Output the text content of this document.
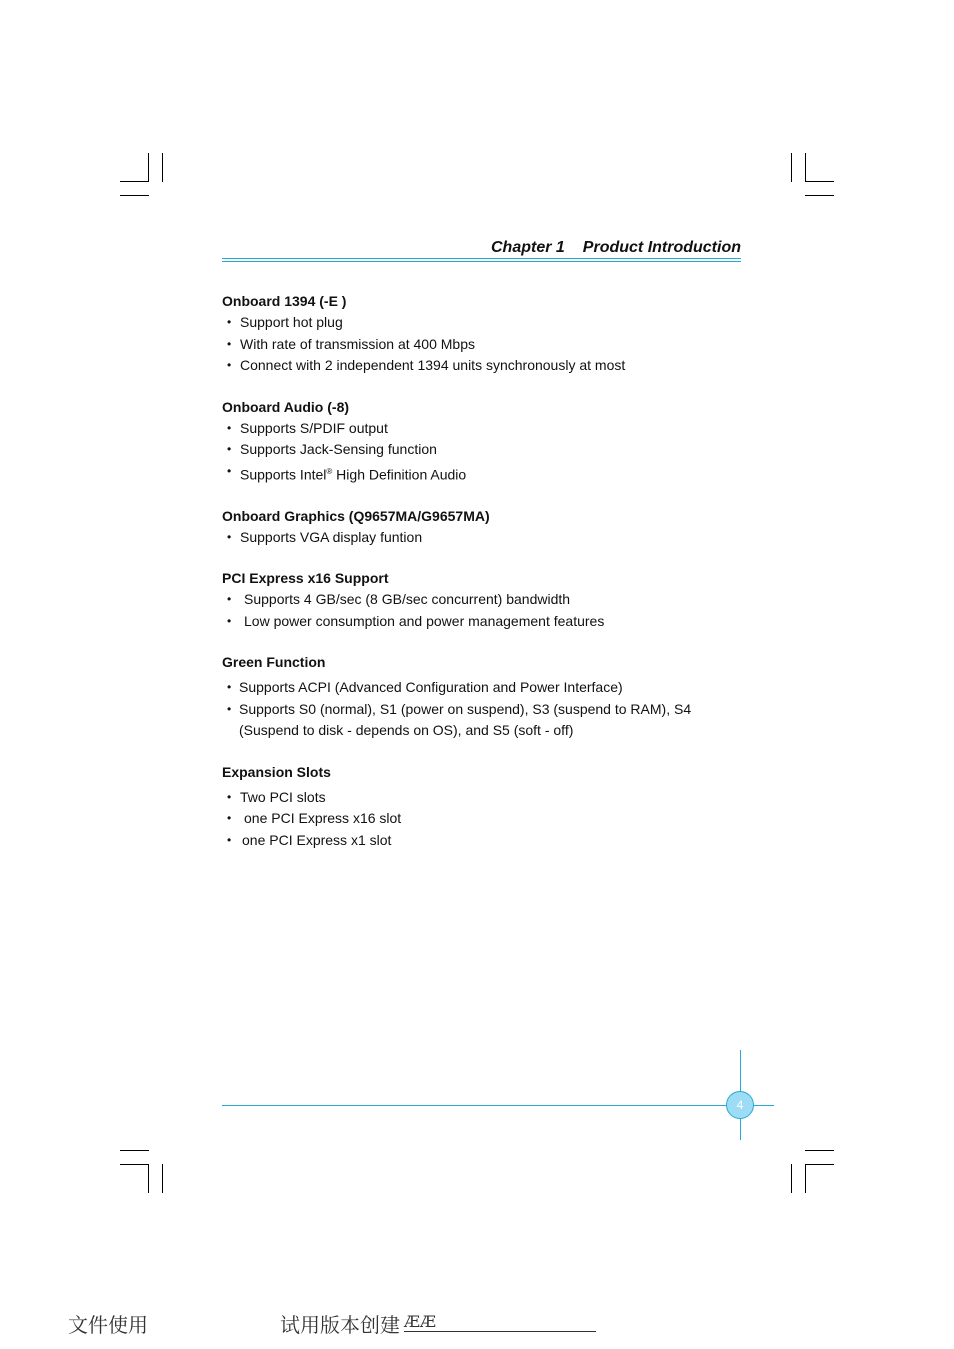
Chapter 1 Product Introduction
Onboard 1394 (-E )
• Support hot plug
• With rate of transmission at 400 Mbps
• Connect with 2 independent 1394 units synchronously at most
Onboard Audio (-8)
• Supports S/PDIF output
• Supports Jack-Sensing function
• Supports Intel® High Definition Audio
Onboard Graphics (Q9657MA/G9657MA)
• Supports VGA display funtion
PCI Express x16 Support
• Supports 4 GB/sec (8 GB/sec concurrent) bandwidth
• Low power consumption and power management features
Green Function
• Supports ACPI (Advanced Configuration and Power Interface)
• Supports S0 (normal), S1 (power on suspend), S3 (suspend to RAM), S4 (Suspend to disk - depends on OS), and S5 (soft - off)
Expansion Slots
• Two PCI slots
• one PCI Express x16 slot
• one PCI Express x1 slot
4
文件使用	试用版本创建 ÆÆ
